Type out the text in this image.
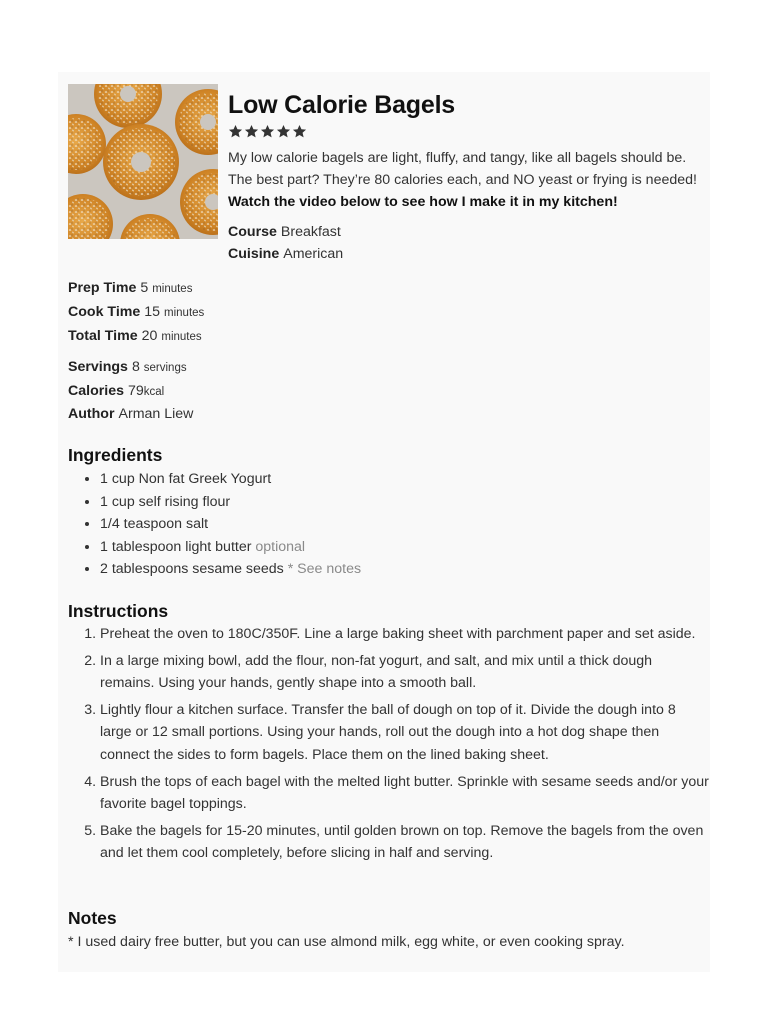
Low Calorie Bagels
My low calorie bagels are light, fluffy, and tangy, like all bagels should be. The best part? They’re 80 calories each, and NO yeast or frying is needed! Watch the video below to see how I make it in my kitchen!
Course Breakfast
Cuisine American
Prep Time 5 minutes
Cook Time 15 minutes
Total Time 20 minutes
Servings 8 servings
Calories 79kcal
Author Arman Liew
Ingredients
• 1 cup Non fat Greek Yogurt
• 1 cup self rising flour
• 1/4 teaspoon salt
• 1 tablespoon light butter optional
• 2 tablespoons sesame seeds * See notes
Instructions
1. Preheat the oven to 180C/350F. Line a large baking sheet with parchment paper and set aside.
2. In a large mixing bowl, add the flour, non-fat yogurt, and salt, and mix until a thick dough remains. Using your hands, gently shape into a smooth ball.
3. Lightly flour a kitchen surface. Transfer the ball of dough on top of it. Divide the dough into 8 large or 12 small portions. Using your hands, roll out the dough into a hot dog shape then connect the sides to form bagels. Place them on the lined baking sheet.
4. Brush the tops of each bagel with the melted light butter. Sprinkle with sesame seeds and/or your favorite bagel toppings.
5. Bake the bagels for 15-20 minutes, until golden brown on top. Remove the bagels from the oven and let them cool completely, before slicing in half and serving.
Notes
* I used dairy free butter, but you can use almond milk, egg white, or even cooking spray.
